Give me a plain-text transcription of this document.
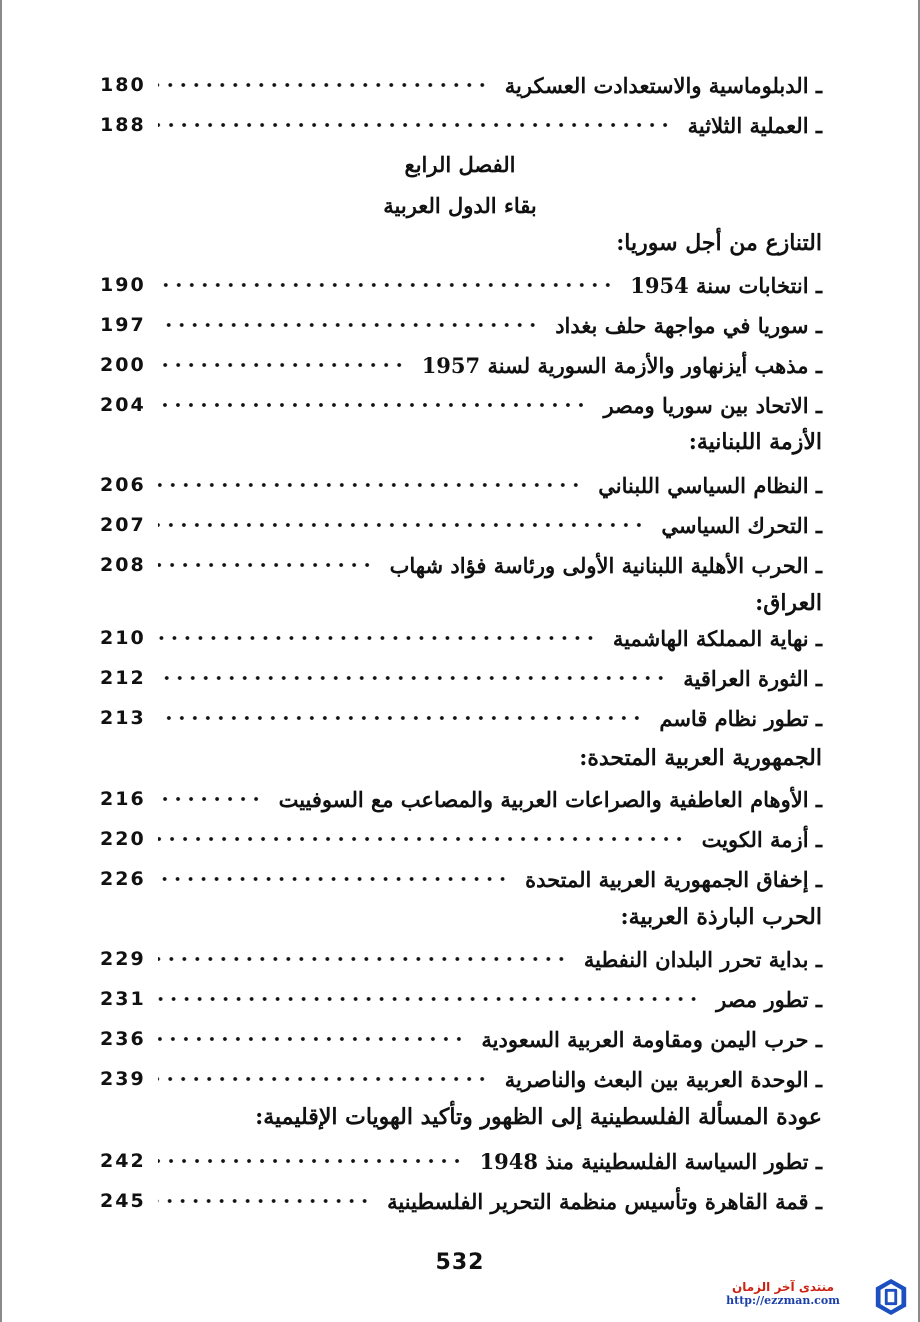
الفصل الرابع
بقاء الدول العربية
532
منتدى آخر الزمان
http://ezzman.com
ـ الدبلوماسية والاستعدادت العسكرية
180
ـ العملية الثلاثية
188
التنازع من أجل سوريا:
ـ انتخابات سنة 1954
190
ـ سوريا في مواجهة حلف بغداد
197
ـ مذهب أيزنهاور والأزمة السورية لسنة 1957
200
ـ الاتحاد بين سوريا ومصر
204
الأزمة اللبنانية:
ـ النظام السياسي اللبناني
206
ـ التحرك السياسي
207
ـ الحرب الأهلية اللبنانية الأولى ورئاسة فؤاد شهاب
208
العراق:
ـ نهاية المملكة الهاشمية
210
ـ الثورة العراقية
212
ـ تطور نظام قاسم
213
الجمهورية العربية المتحدة:
ـ الأوهام العاطفية والصراعات العربية والمصاعب مع السوفييت
216
ـ أزمة الكويت
220
ـ إخفاق الجمهورية العربية المتحدة
226
الحرب البارذة العربية:
ـ بداية تحرر البلدان النفطية
229
ـ تطور مصر
231
ـ حرب اليمن ومقاومة العربية السعودية
236
ـ الوحدة العربية بين البعث والناصرية
239
عودة المسألة الفلسطينية إلى الظهور وتأكيد الهويات الإقليمية:
ـ تطور السياسة الفلسطينية منذ 1948
242
ـ قمة القاهرة وتأسيس منظمة التحرير الفلسطينية
245
